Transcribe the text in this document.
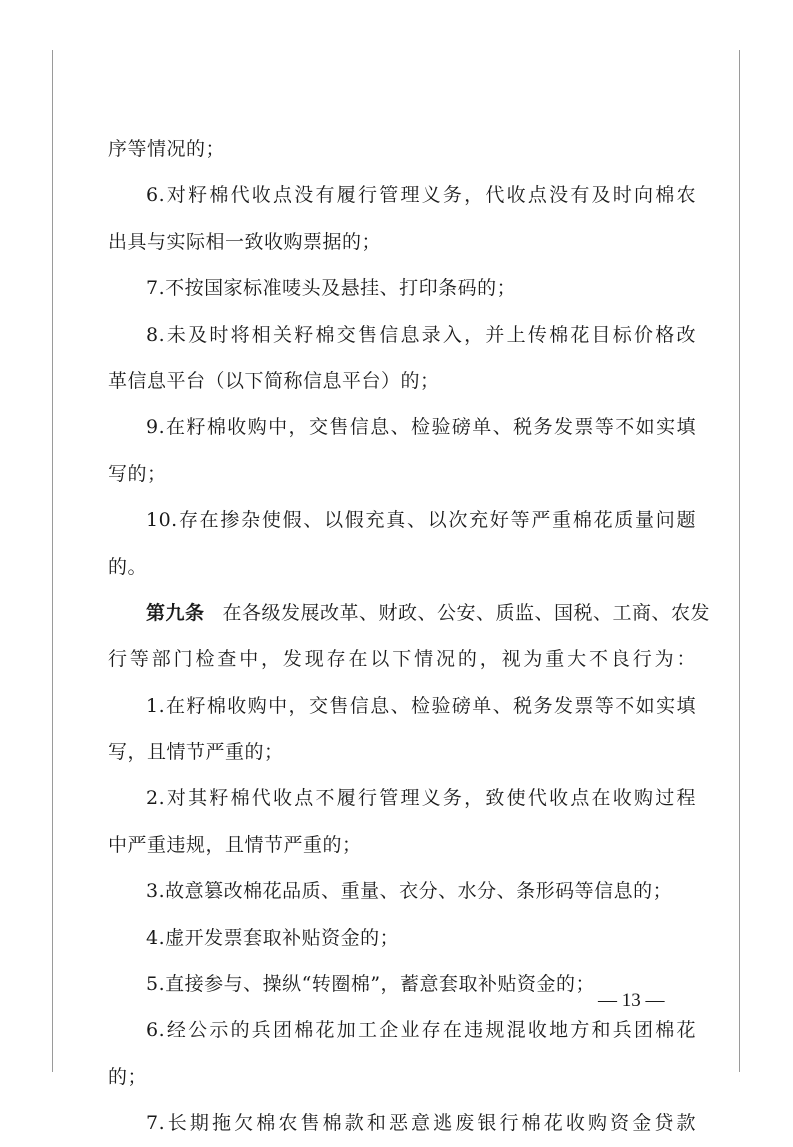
序等情况的；
6.对籽棉代收点没有履行管理义务，代收点没有及时向棉农
出具与实际相一致收购票据的；
7.不按国家标准唛头及悬挂、打印条码的；
8.未及时将相关籽棉交售信息录入，并上传棉花目标价格改
革信息平台（以下简称信息平台）的；
9.在籽棉收购中，交售信息、检验磅单、税务发票等不如实填
写的；
10.存在掺杂使假、以假充真、以次充好等严重棉花质量问题
的。
第九条 在各级发展改革、财政、公安、质监、国税、工商、农发
行等部门检查中，发现存在以下情况的，视为重大不良行为：
1.在籽棉收购中，交售信息、检验磅单、税务发票等不如实填
写，且情节严重的；
2.对其籽棉代收点不履行管理义务，致使代收点在收购过程
中严重违规，且情节严重的；
3.故意篡改棉花品质、重量、衣分、水分、条形码等信息的；
4.虚开发票套取补贴资金的；
5.直接参与、操纵“转圈棉”，蓄意套取补贴资金的；
6.经公示的兵团棉花加工企业存在违规混收地方和兵团棉花
的；
7.长期拖欠棉农售棉款和恶意逃废银行棉花收购资金贷款
— 13 —
